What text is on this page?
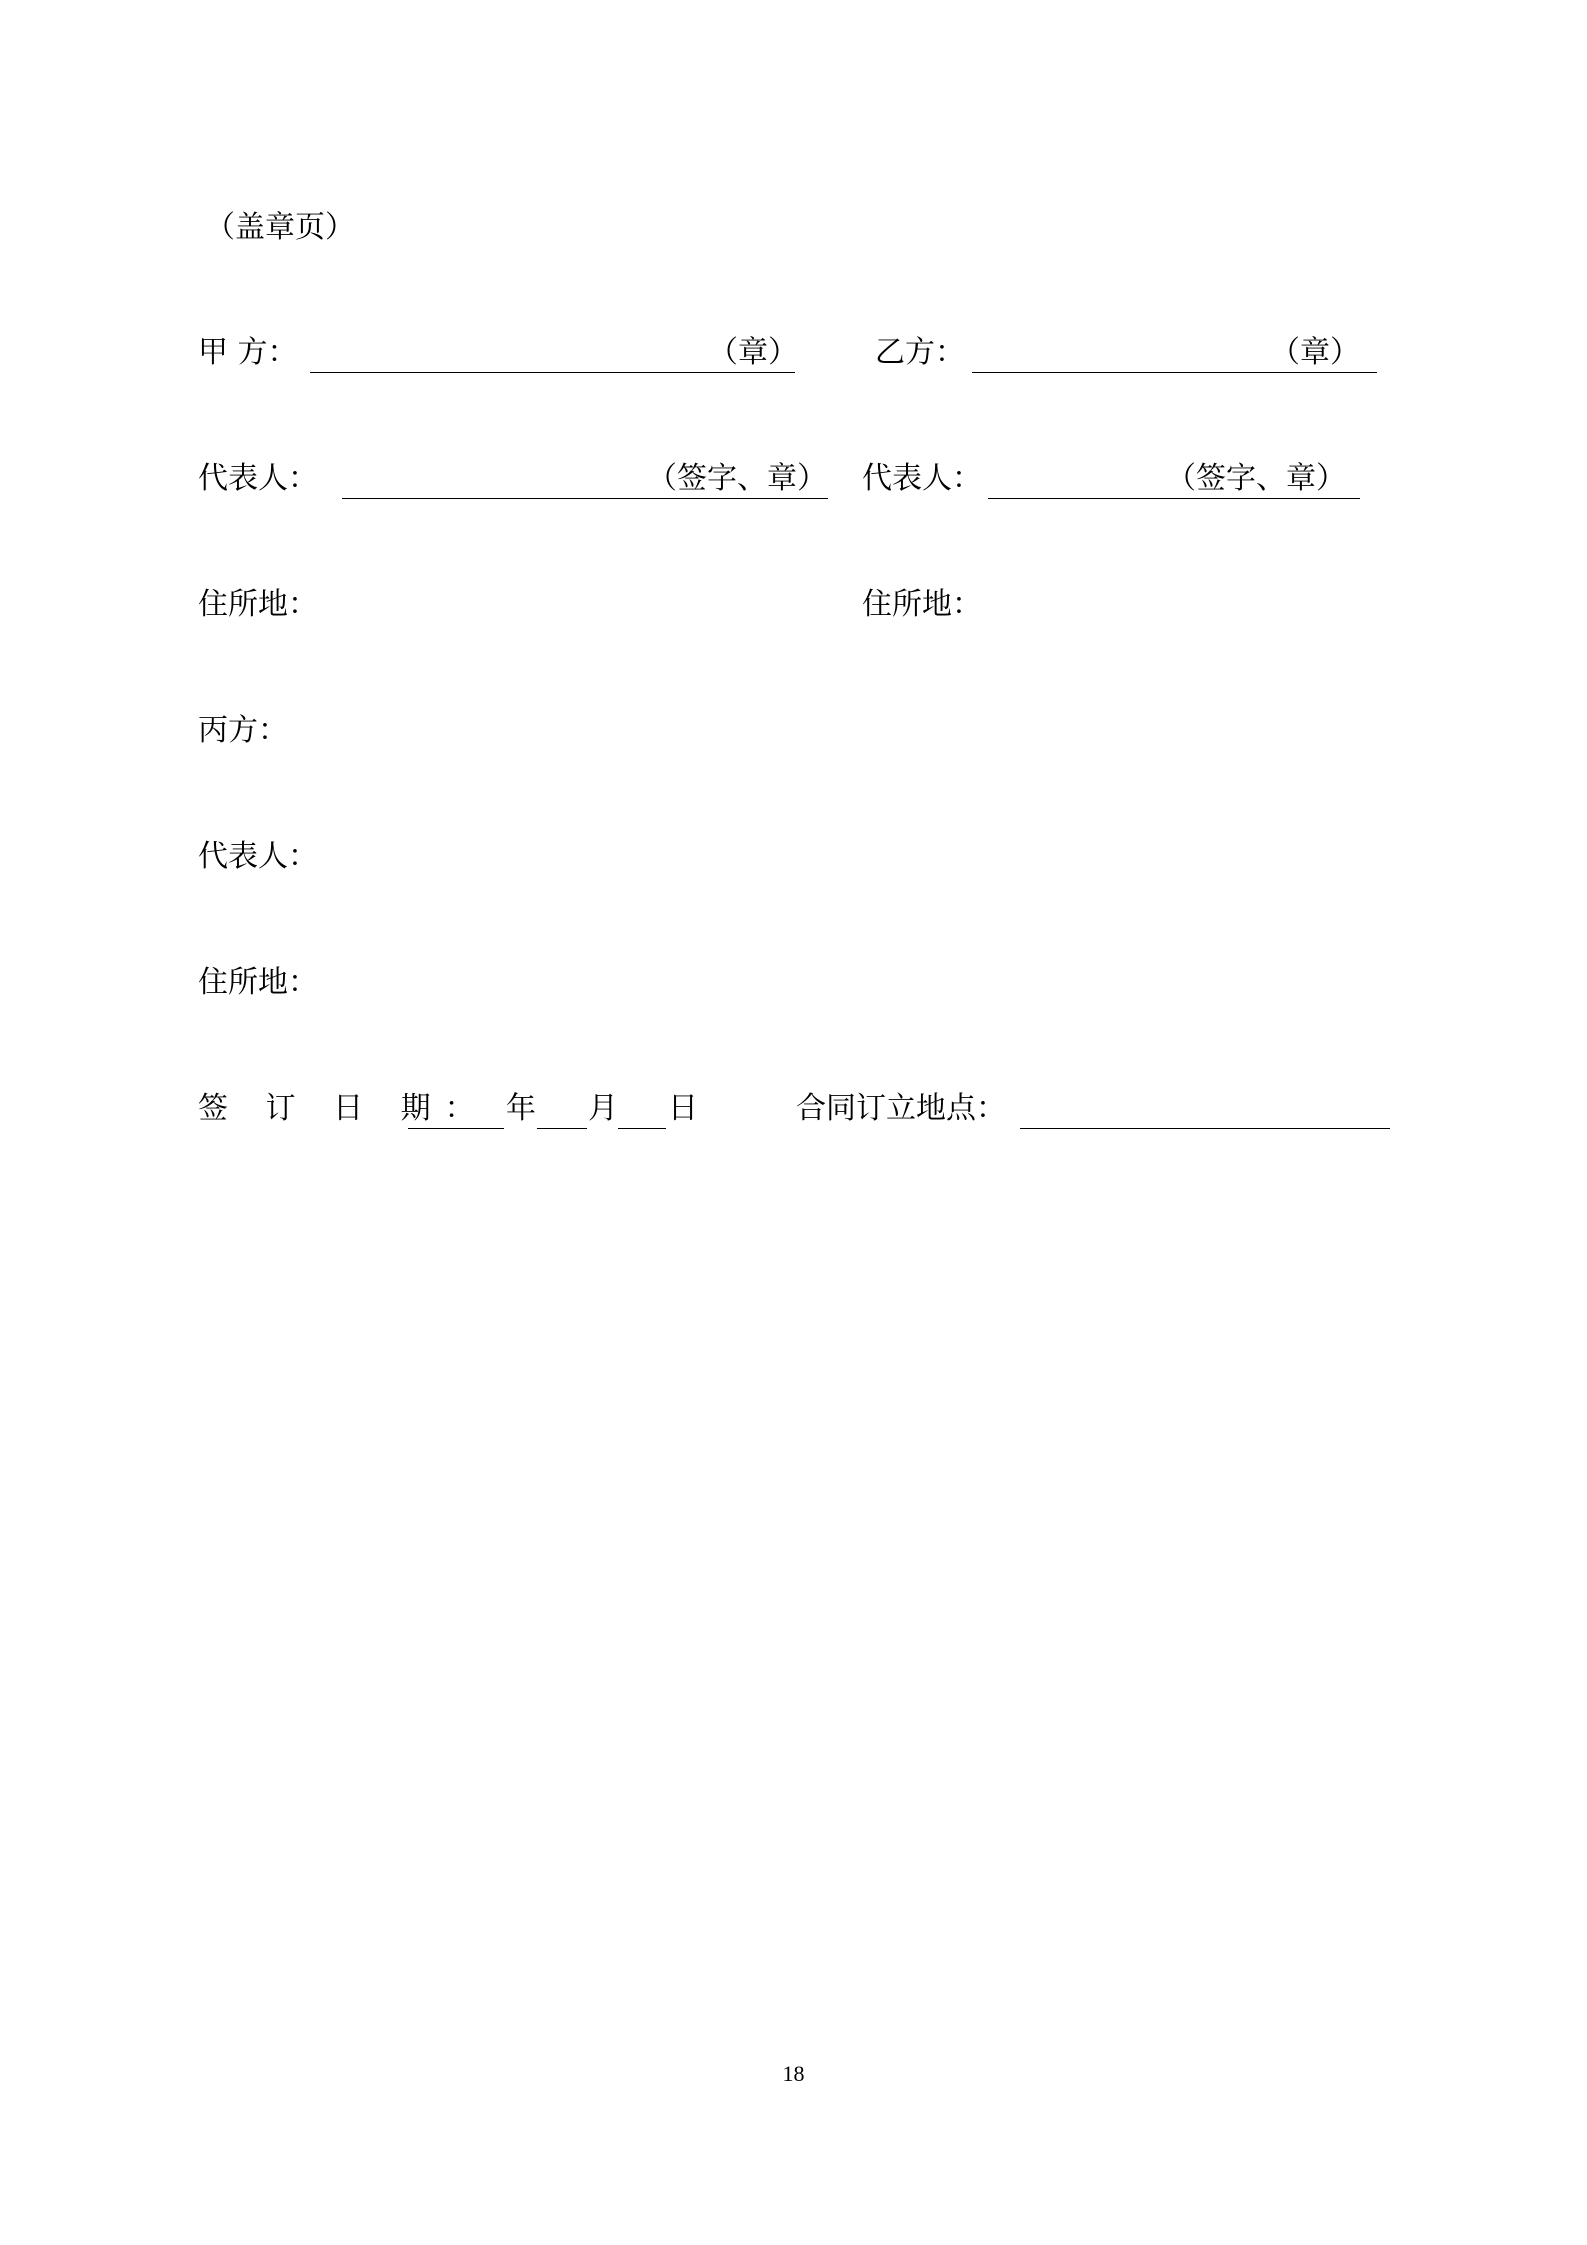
（盖章页）
甲 方：	（章）	乙方：	（章）
代表人：	（签字、章） 代表人：	（签字、章）
住所地：	住所地：
丙方：
代表人：
住所地：
签 订 日 期： 年 月 日	合同订立地点：
18
